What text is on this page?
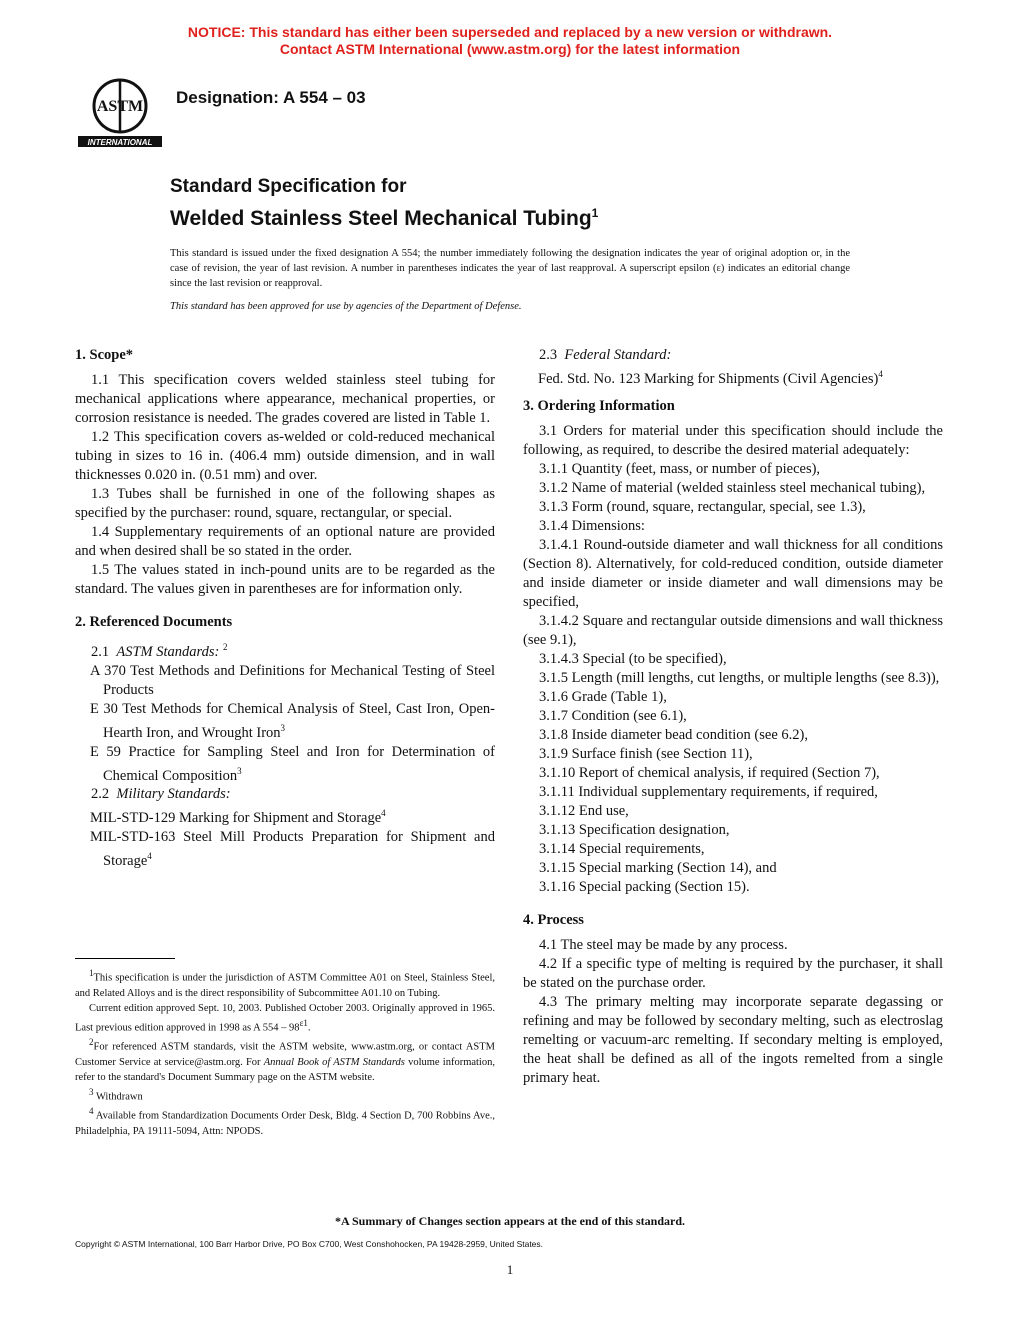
NOTICE: This standard has either been superseded and replaced by a new version or withdrawn.
Contact ASTM International (www.astm.org) for the latest information
ASTM
INTERNATIONAL
Designation: A 554 – 03
Standard Specification for
Welded Stainless Steel Mechanical Tubing$^1$
This standard is issued under the fixed designation A 554; the number immediately following the designation indicates the year of original adoption or, in the case of revision, the year of last revision. A number in parentheses indicates the year of last reapproval. A superscript epsilon (ε) indicates an editorial change since the last revision or reapproval.
This standard has been approved for use by agencies of the Department of Defense.
1. Scope*

1.1 This specification covers welded stainless steel tubing for mechanical applications where appearance, mechanical properties, or corrosion resistance is needed. The grades covered are listed in Table 1.

1.2 This specification covers as-welded or cold-reduced mechanical tubing in sizes to 16 in. (406.4 mm) outside dimension, and in wall thicknesses 0.020 in. (0.51 mm) and over.

1.3 Tubes shall be furnished in one of the following shapes as specified by the purchaser: round, square, rectangular, or special.

1.4 Supplementary requirements of an optional nature are provided and when desired shall be so stated in the order.

1.5 The values stated in inch-pound units are to be regarded as the standard. The values given in parentheses are for information only.

2. Referenced Documents

2.1 ASTM Standards: $^2$

A 370 Test Methods and Definitions for Mechanical Testing of Steel Products
E 30 Test Methods for Chemical Analysis of Steel, Cast Iron, Open-Hearth Iron, and Wrought Iron$^3$
E 59 Practice for Sampling Steel and Iron for Determination of Chemical Composition$^3$

2.2 Military Standards:

MIL-STD-129 Marking for Shipment and Storage$^4$
MIL-STD-163 Steel Mill Products Preparation for Shipment and Storage$^4$

$^1$This specification is under the jurisdiction of ASTM Committee A01 on Steel, Stainless Steel, and Related Alloys and is the direct responsibility of Subcommittee A01.10 on Tubing.

Current edition approved Sept. 10, 2003. Published October 2003. Originally approved in 1965. Last previous edition approved in 1998 as A $554 - 98^{\varepsilon 1}$.

$^2$For referenced ASTM standards, visit the ASTM website, www.astm.org, or contact ASTM Customer Service at service@astm.org. For Annual Book of ASTM Standards volume information, refer to the standard's Document Summary page on the ASTM website.

$^3$ Withdrawn

$^4$ Available from Standardization Documents Order Desk, Bldg. 4 Section D, 700 Robbins Ave., Philadelphia, PA 19111-5094, Attn: NPODS.

2.3 Federal Standard:

Fed. Std. No. 123 Marking for Shipments (Civil Agencies)$^4$
3. Ordering Information

3.1 Orders for material under this specification should include the following, as required, to describe the desired material adequately:

3.1.1 Quantity (feet, mass, or number of pieces),

3.1.2 Name of material (welded stainless steel mechanical tubing),

3.1.3 Form (round, square, rectangular, special, see 1.3),

3.1.4 Dimensions:

3.1.4.1 Round-outside diameter and wall thickness for all conditions (Section 8). Alternatively, for cold-reduced condition, outside diameter and inside diameter or inside diameter and wall dimensions may be specified,

3.1.4.2 Square and rectangular outside dimensions and wall thickness (see 9.1),

3.1.4.3 Special (to be specified),

3.1.5 Length (mill lengths, cut lengths, or multiple lengths (see 8.3)),

3.1.6 Grade (Table 1),

3.1.7 Condition (see 6.1),

3.1.8 Inside diameter bead condition (see 6.2),

3.1.9 Surface finish (see Section 11),

3.1.10 Report of chemical analysis, if required (Section 7),

3.1.11 Individual supplementary requirements, if required,

3.1.12 End use,

3.1.13 Specification designation,

3.1.14 Special requirements,

3.1.15 Special marking (Section 14), and

3.1.16 Special packing (Section 15).

4. Process

4.1 The steel may be made by any process.

4.2 If a specific type of melting is required by the purchaser, it shall be stated on the purchase order.

4.3 The primary melting may incorporate separate degassing or refining and may be followed by secondary melting, such as electroslag remelting or vacuum-arc remelting. If secondary melting is employed, the heat shall be defined as all of the ingots remelted from a single primary heat.

*A Summary of Changes section appears at the end of this standard.
Copyright © ASTM International, 100 Barr Harbor Drive, PO Box C700, West Conshohocken, PA 19428-2959, United States.
1
